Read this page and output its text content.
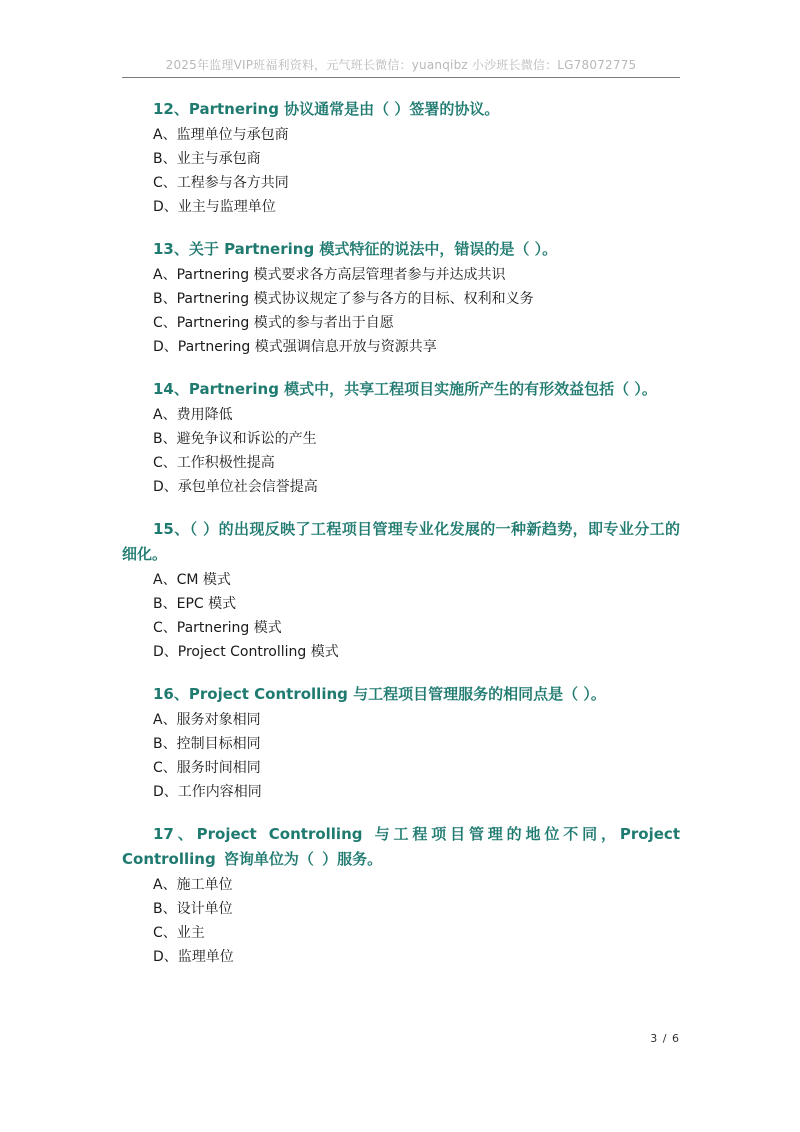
2025年监理VIP班福利资料，元气班长微信：yuanqibz 小沙班长微信：LG78072775
12、Partnering 协议通常是由（ ）签署的协议。
A、监理单位与承包商
B、业主与承包商
C、工程参与各方共同
D、业主与监理单位
13、关于 Partnering 模式特征的说法中，错误的是（ ）。
A、Partnering 模式要求各方高层管理者参与并达成共识
B、Partnering 模式协议规定了参与各方的目标、权利和义务
C、Partnering 模式的参与者出于自愿
D、Partnering 模式强调信息开放与资源共享
14、Partnering 模式中，共享工程项目实施所产生的有形效益包括（ ）。
A、费用降低
B、避免争议和诉讼的产生
C、工作积极性提高
D、承包单位社会信誉提高
15、（ ）的出现反映了工程项目管理专业化发展的一种新趋势，即专业分工的细化。
A、CM 模式
B、EPC 模式
C、Partnering 模式
D、Project Controlling 模式
16、Project Controlling 与工程项目管理服务的相同点是（ ）。
A、服务对象相同
B、控制目标相同
C、服务时间相同
D、工作内容相同
17、Project Controlling 与工程项目管理的地位不同，Project Controlling 咨询单位为（ ）服务。
A、施工单位
B、设计单位
C、业主
D、监理单位
3 / 6
